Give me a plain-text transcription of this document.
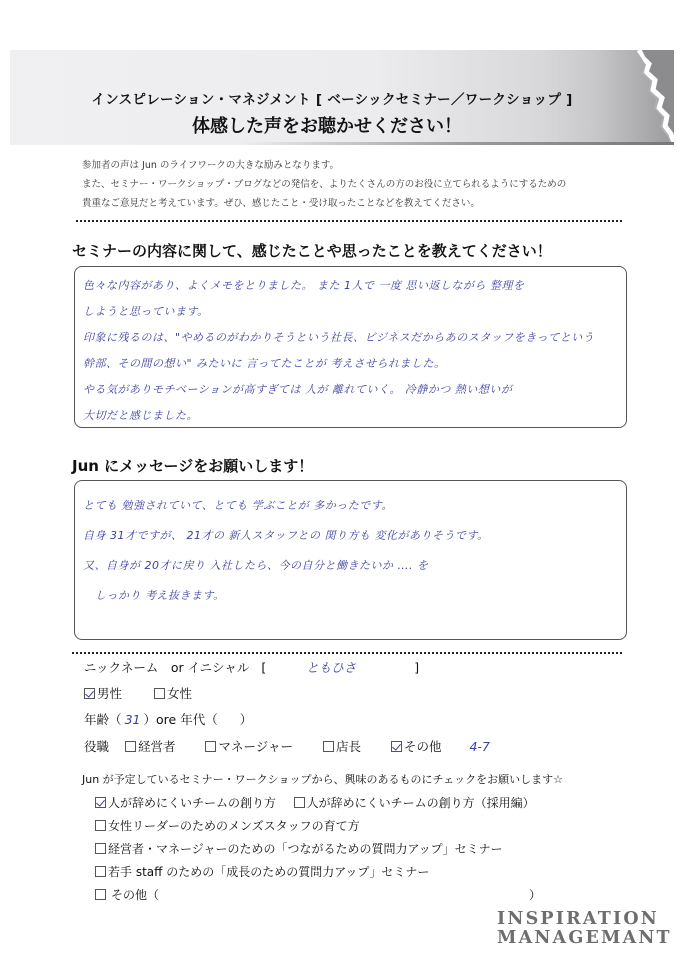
インスピレーション・マネジメント [ ベーシックセミナー／ワークショップ ]
体感した声をお聴かせください！
参加者の声は Jun のライフワークの大きな励みとなります。
また、セミナー・ワークショップ・ブログなどの発信を、よりたくさんの方のお役に立てられるようにするための
貴重なご意見だと考えています。ぜひ、感じたこと・受け取ったことなどを教えてください。
セミナーの内容に関して、感じたことや思ったことを教えてください！

色々な内容があり、よくメモをとりました。 また 1人で 一度 思い返しながら 整理を

しようと思っています。

印象に残るのは、"やめるのがわかりそうという社長、ビジネスだからあのスタッフをきってという

幹部、その間の想い" みたいに 言ってたことが 考えさせられました。

やる気がありモチベーションが高すぎては 人が 離れていく。 冷静かつ 熱い想いが

大切だと感じました。

Jun にメッセージをお願いします！

とても 勉強されていて、とても 学ぶことが 多かったです。

自身 31才ですが、 21才の 新人スタッフとの 関り方も 変化がありそうです。

又、自身が 20才に戻り 入社したら、今の自分と働きたいか …. を

しっかり 考え抜きます。

ニックネーム　or イニシャル [	ともひさ	]
男性	女性
年齢（ 31 ）ore 年代（ ）
役職 経営者	マネージャー	店長	その他 4-7
Jun が予定しているセミナー・ワークショップから、興味のあるものにチェックをお願いします☆
人が辞めにくいチームの創り方	人が辞めにくいチームの創り方（採用編）
女性リーダーのためのメンズスタッフの育て方
経営者・マネージャーのための「つながるための質問力アップ」セミナー
若手 staff のための「成長のための質問力アップ」セミナー
その他（	）
INSPIRATION
MANAGEMANT
